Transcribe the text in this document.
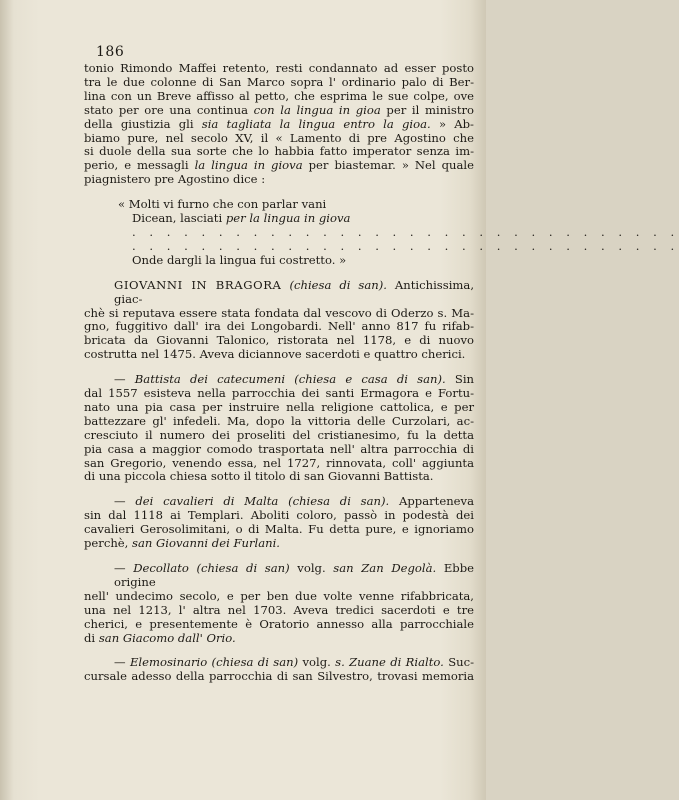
186
tonio Rimondo Maffei retento, resti condannato ad esser posto
tra le due colonne di San Marco sopra l' ordinario palo di Ber-
lina con un Breve affisso al petto, che esprima le sue colpe, ove
stato per ore una continua con la lingua in gioa per il ministro
della giustizia gli sia tagliata la lingua entro la gioa. » Ab-
biamo pure, nel secolo XV, il « Lamento di pre Agostino che
si duole della sua sorte che lo habbia fatto imperator senza im-
perio, e messagli la lingua in giova per biastemar. » Nel quale
piagnistero pre Agostino dice :
« Molti vi furno che con parlar vani
Dicean, lasciati per la lingua in giova
. . . . . . . . . . . . . . . . . . . . . . . . . . . . . . . .
. . . . . . . . . . . . . . . . . . . . . . . . . . . . . . . .
Onde dargli la lingua fui costretto. »
GIOVANNI IN BRAGORA (chiesa di san). Antichissima, giac-
chè si reputava essere stata fondata dal vescovo di Oderzo s. Ma-
gno, fuggitivo dall' ira dei Longobardi. Nell' anno 817 fu rifab-
bricata da Giovanni Talonico, ristorata nel 1178, e di nuovo
costrutta nel 1475. Aveva diciannove sacerdoti e quattro cherici.
— Battista dei catecumeni (chiesa e casa di san). Sin
dal 1557 esisteva nella parrocchia dei santi Ermagora e Fortu-
nato una pia casa per instruire nella religione cattolica, e per
battezzare gl' infedeli. Ma, dopo la vittoria delle Curzolari, ac-
cresciuto il numero dei proseliti del cristianesimo, fu la detta
pia casa a maggior comodo trasportata nell' altra parrocchia di
san Gregorio, venendo essa, nel 1727, rinnovata, coll' aggiunta
di una piccola chiesa sotto il titolo di san Giovanni Battista.
— dei cavalieri di Malta (chiesa di san). Apparteneva
sin dal 1118 ai Templari. Aboliti coloro, passò in podestà dei
cavalieri Gerosolimitani, o di Malta. Fu detta pure, e ignoriamo
perchè, san Giovanni dei Furlani.
— Decollato (chiesa di san) volg. san Zan Degolà. Ebbe origine
nell' undecimo secolo, e per ben due volte venne rifabbricata,
una nel 1213, l' altra nel 1703. Aveva tredici sacerdoti e tre
cherici, e presentemente è Oratorio annesso alla parrocchiale
di san Giacomo dall' Orio.
— Elemosinario (chiesa di san) volg. s. Zuane di Rialto. Suc-
cursale adesso della parrocchia di san Silvestro, trovasi memoria
